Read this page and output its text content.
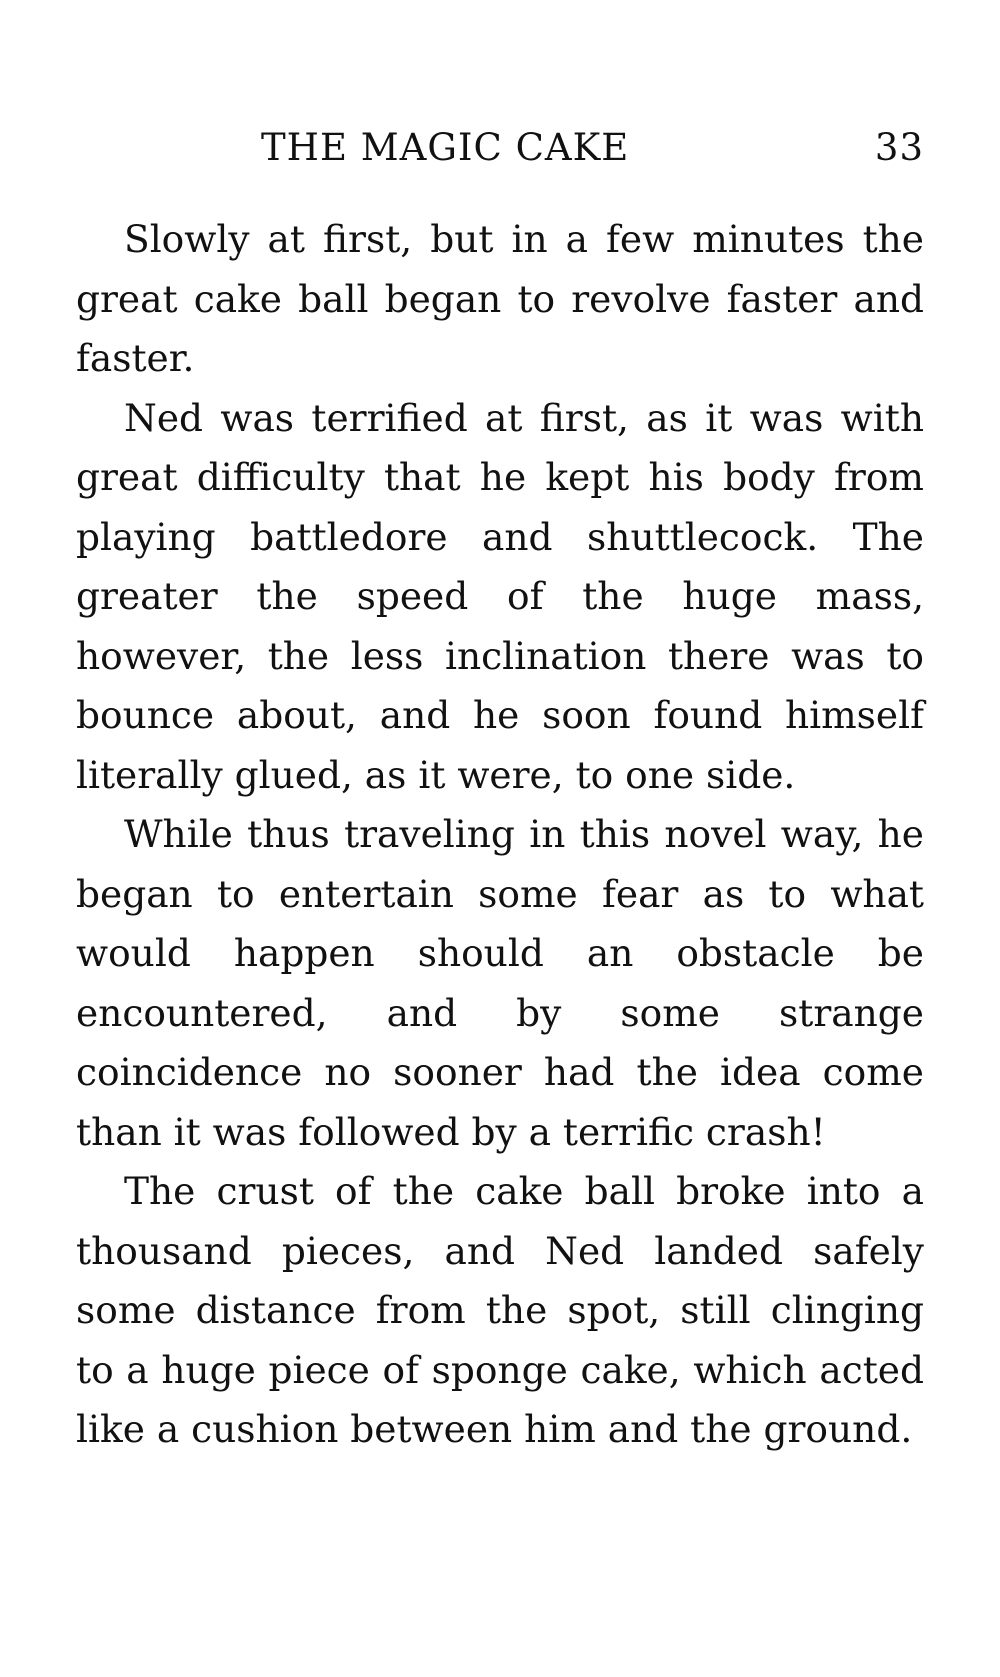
THE MAGIC CAKE	33

Slowly at first, but in a few minutes the great cake ball began to revolve faster and faster.

Ned was terrified at first, as it was with great difficulty that he kept his body from playing battledore and shuttlecock. The greater the speed of the huge mass, however, the less inclination there was to bounce about, and he soon found himself literally glued, as it were, to one side.

While thus traveling in this novel way, he began to entertain some fear as to what would happen should an obstacle be encountered, and by some strange coincidence no sooner had the idea come than it was followed by a terrific crash!

The crust of the cake ball broke into a thousand pieces, and Ned landed safely some distance from the spot, still clinging to a huge piece of sponge cake, which acted like a cushion between him and the ground.
